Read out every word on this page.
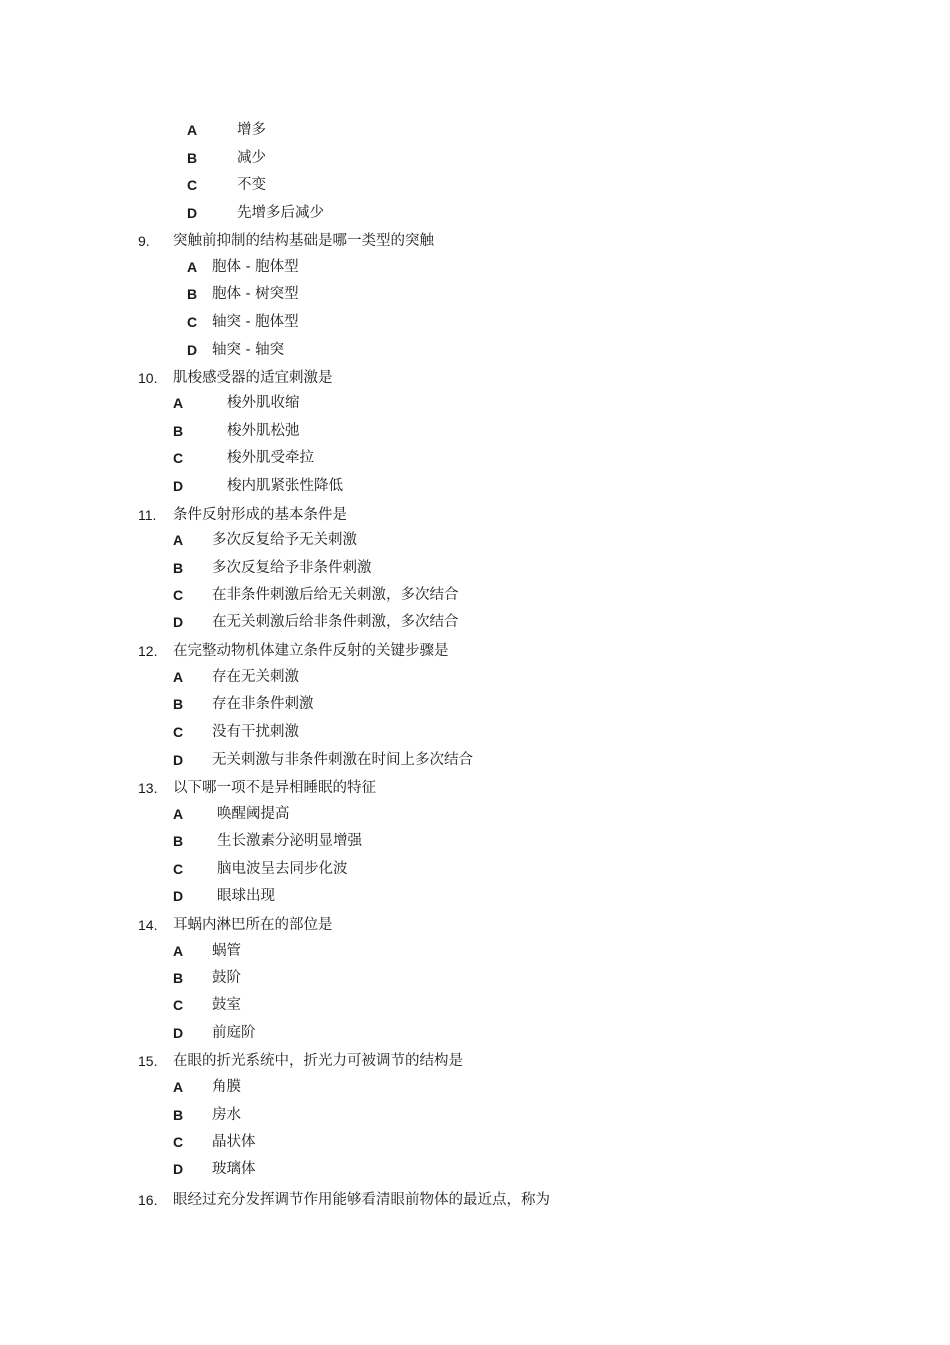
A	增多
B	减少
C	不变
D	先增多后减少
9. 突触前抑制的结构基础是哪一类型的突触
A 胞体 - 胞体型
B 胞体 - 树突型
C 轴突 - 胞体型
D 轴突 - 轴突
10. 肌梭感受器的适宜刺激是
A	梭外肌收缩
B	梭外肌松弛
C	梭外肌受牵拉
D	梭内肌紧张性降低
11. 条件反射形成的基本条件是
A 多次反复给予无关刺激
B 多次反复给予非条件刺激
C 在非条件刺激后给无关刺激，多次结合
D 在无关刺激后给非条件刺激，多次结合
12. 在完整动物机体建立条件反射的关键步骤是
A 存在无关刺激
B 存在非条件刺激
C 没有干扰刺激
D 无关刺激与非条件刺激在时间上多次结合
13. 以下哪一项不是异相睡眠的特征
A 唤醒阈提高
B 生长激素分泌明显增强
C 脑电波呈去同步化波
D 眼球出现
14. 耳蜗内淋巴所在的部位是
A 蜗管
B 鼓阶
C 鼓室
D 前庭阶
15. 在眼的折光系统中，折光力可被调节的结构是
A 角膜
B 房水
C 晶状体
D 玻璃体
16. 眼经过充分发挥调节作用能够看清眼前物体的最近点，称为
